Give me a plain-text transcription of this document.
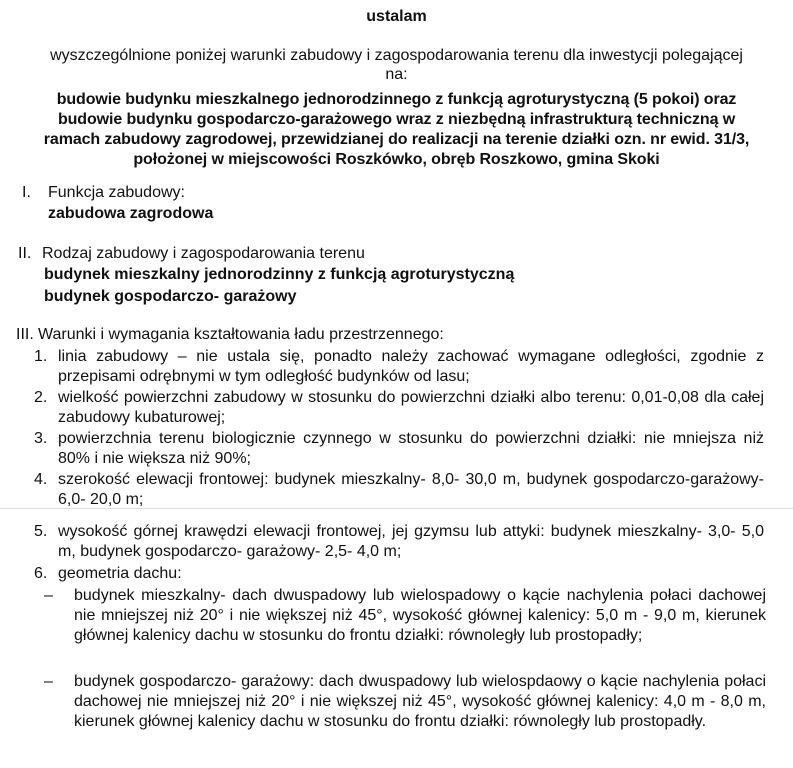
ustalam
wyszczególnione poniżej warunki zabudowy i zagospodarowania terenu dla inwestycji polegającej na:
budowie budynku mieszkalnego jednorodzinnego z funkcją agroturystyczną (5 pokoi) oraz budowie budynku gospodarczo-garażowego wraz z niezbędną infrastrukturą techniczną w ramach zabudowy zagrodowej, przewidzianej do realizacji na terenie działki ozn. nr ewid. 31/3, położonej w miejscowości Roszkówko, obręb Roszkowo, gmina Skoki
I. Funkcja zabudowy:
zabudowa zagrodowa
II. Rodzaj zabudowy i zagospodarowania terenu
budynek mieszkalny jednorodzinny z funkcją agroturystyczną
budynek gospodarczo- garażowy
III. Warunki i wymagania kształtowania ładu przestrzennego:
1. linia zabudowy – nie ustala się, ponadto należy zachować wymagane odległości, zgodnie z przepisami odrębnymi w tym odległość budynków od lasu;
2. wielkość powierzchni zabudowy w stosunku do powierzchni działki albo terenu: 0,01-0,08 dla całej zabudowy kubaturowej;
3. powierzchnia terenu biologicznie czynnego w stosunku do powierzchni działki: nie mniejsza niż 80% i nie większa niż 90%;
4. szerokość elewacji frontowej: budynek mieszkalny- 8,0- 30,0 m, budynek gospodarczo-garażowy- 6,0- 20,0 m;
5. wysokość górnej krawędzi elewacji frontowej, jej gzymsu lub attyki: budynek mieszkalny- 3,0- 5,0 m, budynek gospodarczo- garażowy- 2,5- 4,0 m;
6. geometria dachu:
– budynek mieszkalny- dach dwuspadowy lub wielospadowy o kącie nachylenia połaci dachowej nie mniejszej niż 20° i nie większej niż 45°, wysokość głównej kalenicy: 5,0 m - 9,0 m, kierunek głównej kalenicy dachu w stosunku do frontu działki: równoległy lub prostopadły;
– budynek gospodarczo- garażowy: dach dwuspadowy lub wielospdaowy o kącie nachylenia połaci dachowej nie mniejszej niż 20° i nie większej niż 45°, wysokość głównej kalenicy: 4,0 m - 8,0 m, kierunek głównej kalenicy dachu w stosunku do frontu działki: równoległy lub prostopadły.
